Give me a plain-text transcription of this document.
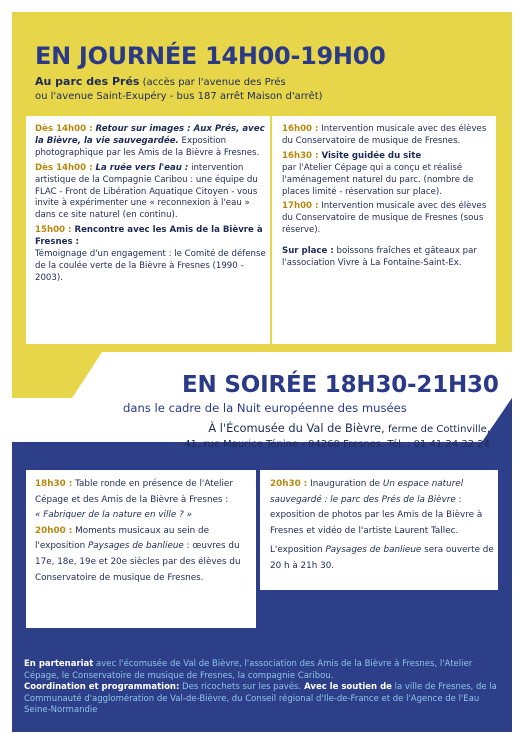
EN JOURNÉE 14H00-19H00
Au parc des Prés (accès par l'avenue des Prés
ou l'avenue Saint-Exupéry - bus 187 arrêt Maison d'arrêt)
Dès 14h00 : Retour sur images : Aux Prés, avec la Bièvre, la vie sauvegardée. Exposition photographique par les Amis de la Bièvre à Fresnes.
Dès 14h00 : La ruée vers l'eau : intervention artistique de la Compagnie Caribou : une équipe du FLAC - Front de Libération Aquatique Citoyen - vous invite à expérimenter une « reconnexion à l'eau » dans ce site naturel (en continu).
15h00 : Rencontre avec les Amis de la Bièvre à Fresnes :
Témoignage d'un engagement : le Comité de défense de la coulée verte de la Bièvre à Fresnes (1990 - 2003).
16h00 : Intervention musicale avec des élèves du Conservatoire de musique de Fresnes.
16h30 : Visite guidée du site
par l'Atelier Cépage qui a conçu et réalisé l'aménagement naturel du parc. (nombre de places limité - réservation sur place).
17h00 : Intervention musicale avec des élèves du Conservatoire de musique de Fresnes (sous réserve).
Sur place : boissons fraîches et gâteaux par l'association Vivre à La Fontaine-Saint-Ex.
EN SOIRÉE 18H30-21H30
dans le cadre de la Nuit européenne des musées
À l'Écomusée du Val de Bièvre, ferme de Cottinville,
41, rue Maurice Ténine - 94260 Fresnes. Tél. : 01 41 24 32 24
18h30 : Table ronde en présence de l'Atelier Cépage et des Amis de la Bièvre à Fresnes :
« Fabriquer de la nature en ville ? »
20h00 : Moments musicaux au sein de l'exposition Paysages de banlieue : œuvres du 17e, 18e, 19e et 20e siècles par des élèves du Conservatoire de musique de Fresnes.
20h30 : Inauguration de Un espace naturel sauvegardé : le parc des Prés de la Bièvre : exposition de photos par les Amis de la Bièvre à Fresnes et vidéo de l'artiste Laurent Tallec.
L'exposition Paysages de banlieue sera ouverte de 20 h à 21h 30.
En partenariat avec l'écomusée de Val de Bièvre, l'association des Amis de la Bièvre à Fresnes, l'Atelier Cépage, le Conservatoire de musique de Fresnes, la compagnie Caribou.
Coordination et programmation: Des ricochets sur les pavés. Avec le soutien de la ville de Fresnes, de la Communauté d'agglomération de Val-de-Bièvre, du Conseil régional d'Ile-de-France et de l'Agence de l'Eau Seine-Normandie
